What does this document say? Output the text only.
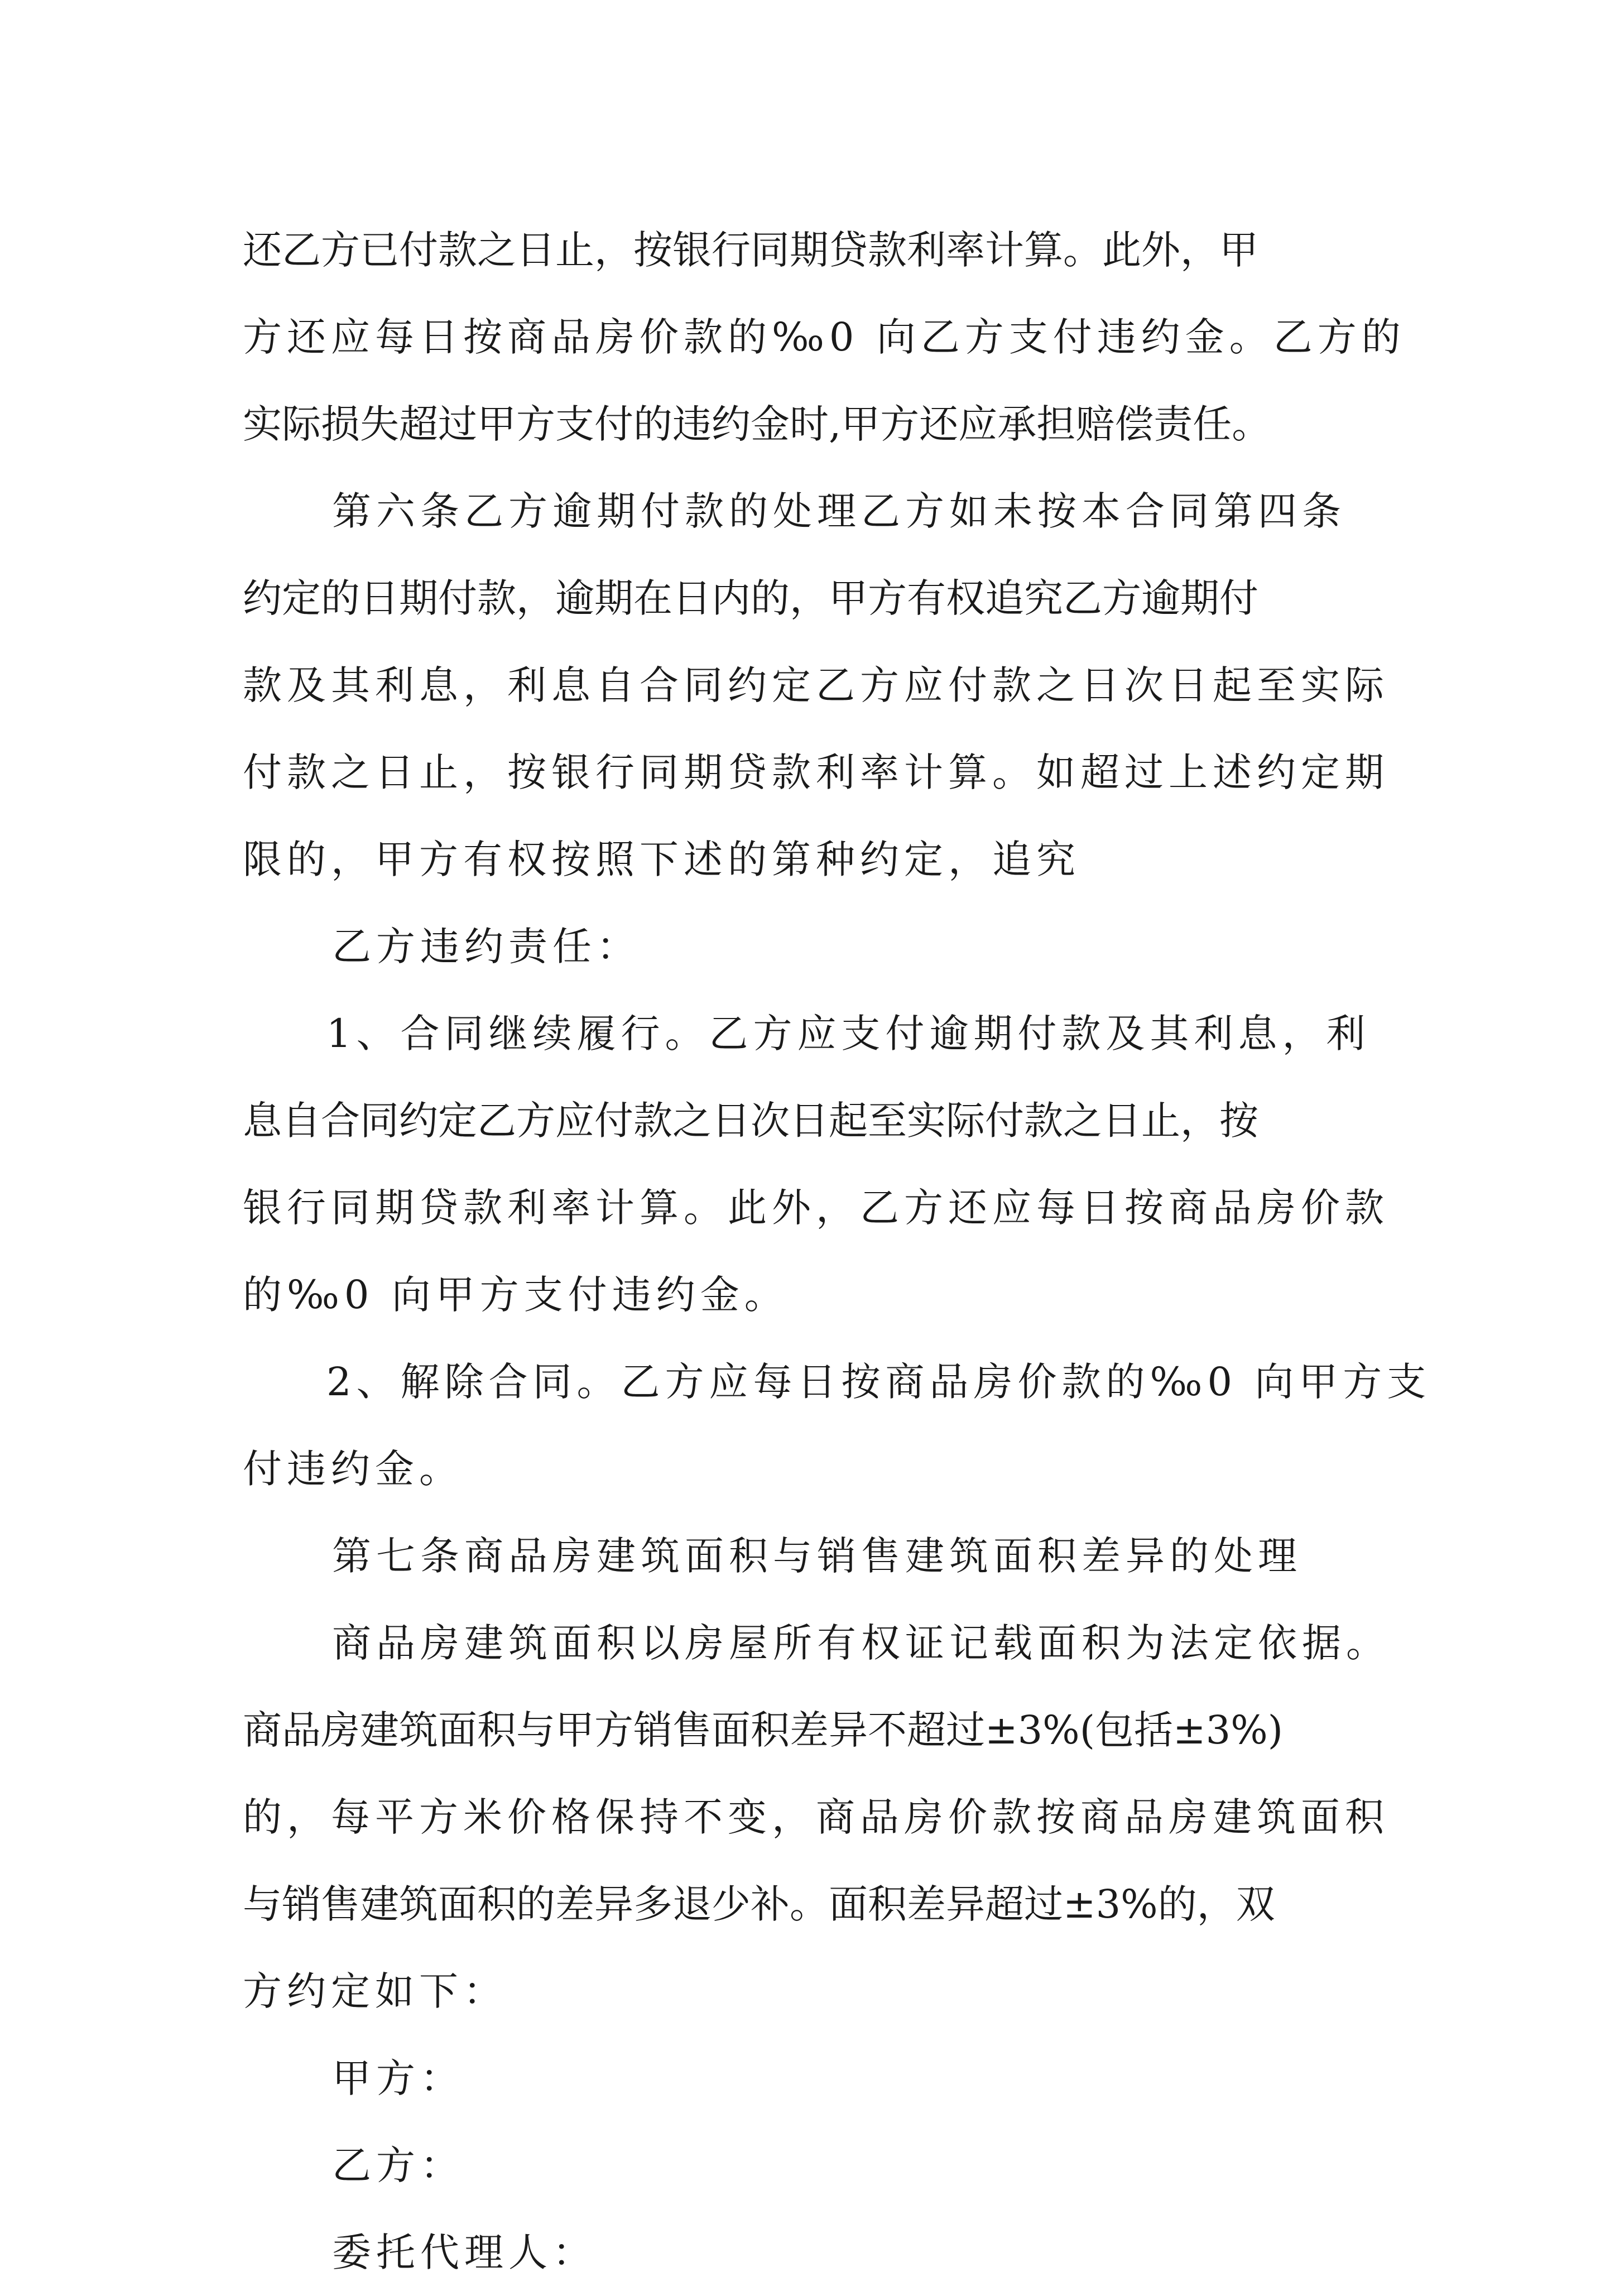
还乙方已付款之日止，按银行同期贷款利率计算。此外，甲
方还应每日按商品房价款的‰0 向乙方支付违约金。乙方的
实际损失超过甲方支付的违约金时,甲方还应承担赔偿责任。
第六条乙方逾期付款的处理乙方如未按本合同第四条
约定的日期付款，逾期在日内的，甲方有权追究乙方逾期付
款及其利息，利息自合同约定乙方应付款之日次日起至实际
付款之日止，按银行同期贷款利率计算。如超过上述约定期
限的，甲方有权按照下述的第种约定，追究
乙方违约责任：
1、合同继续履行。乙方应支付逾期付款及其利息，利
息自合同约定乙方应付款之日次日起至实际付款之日止，按
银行同期贷款利率计算。此外，乙方还应每日按商品房价款
的‰0 向甲方支付违约金。
2、解除合同。乙方应每日按商品房价款的‰0 向甲方支
付违约金。
第七条商品房建筑面积与销售建筑面积差异的处理
商品房建筑面积以房屋所有权证记载面积为法定依据。
商品房建筑面积与甲方销售面积差异不超过±3%(包括±3%)
的，每平方米价格保持不变，商品房价款按商品房建筑面积
与销售建筑面积的差异多退少补。面积差异超过±3%的，双
方约定如下：
甲方：
乙方：
委托代理人：
